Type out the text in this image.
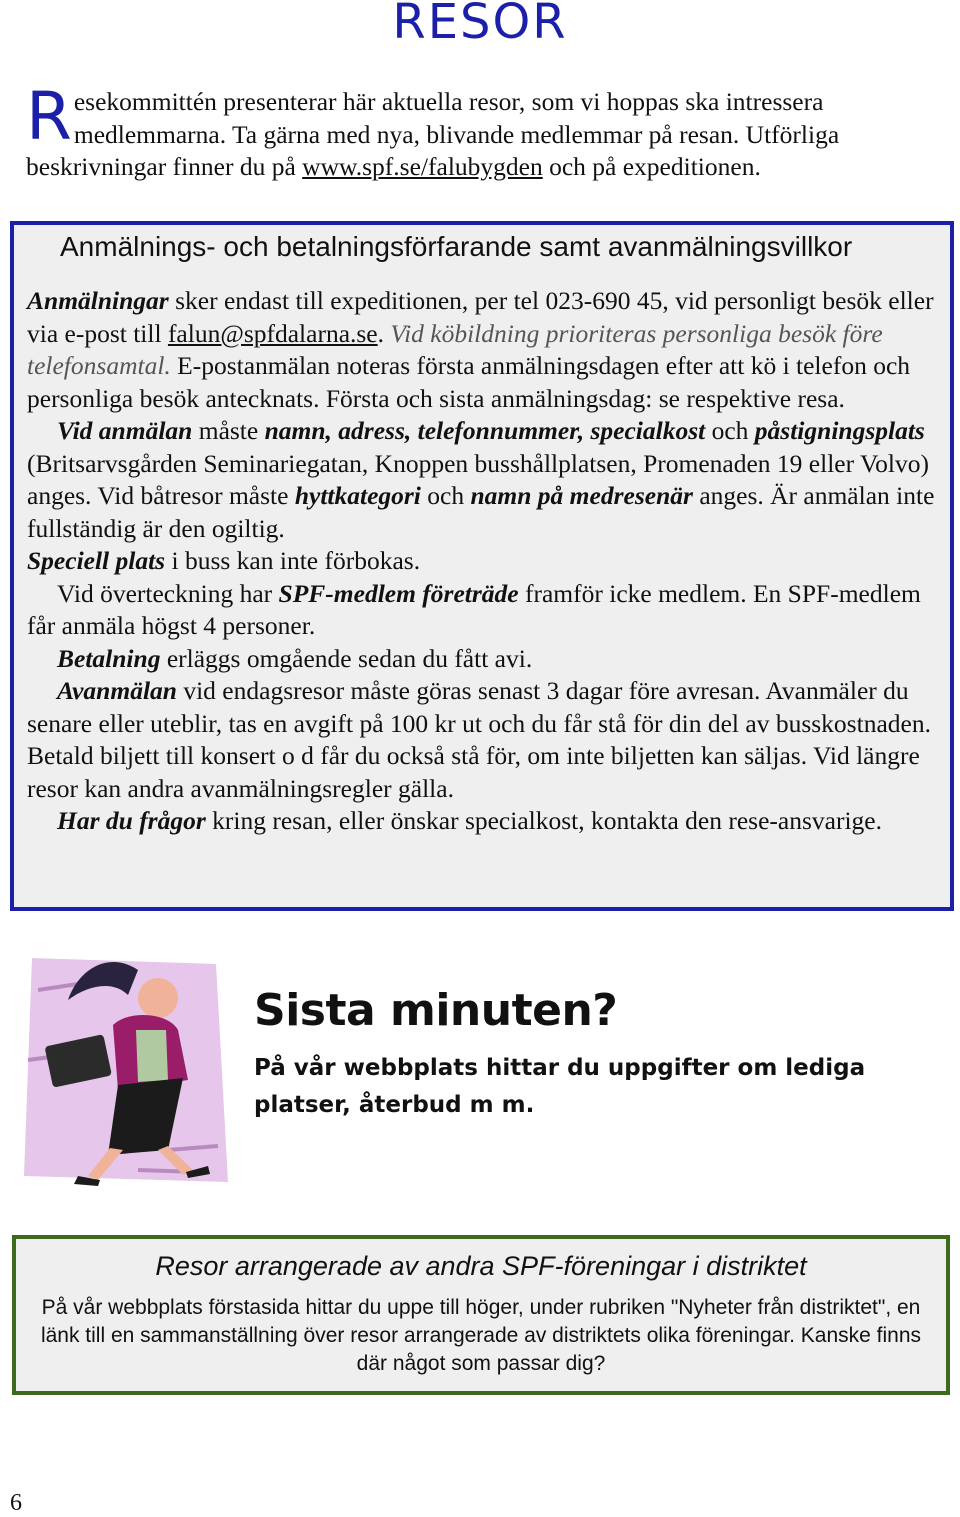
RESOR
Resekommittén presenterar här aktuella resor, som vi hoppas ska intressera medlemmarna. Ta gärna med nya, blivande medlemmar på resan. Utförliga beskrivningar finner du på www.spf.se/falubygden och på expeditionen.
Anmälnings- och betalningsförfarande samt avanmälningsvillkor

Anmälningar sker endast till expeditionen, per tel 023-690 45, vid personligt besök eller via e-post till falun@spfdalarna.se. Vid köbildning prioriteras personliga besök före telefonsamtal. E-postanmälan noteras första anmälningsdagen efter att kö i telefon och personliga besök antecknats. Första och sista anmälningsdag: se respektive resa.

Vid anmälan måste namn, adress, telefonnummer, specialkost och påstigningsplats (Britsarvsgården Seminariegatan, Knoppen busshållplatsen, Promenaden 19 eller Volvo) anges. Vid båtresor måste hyttkategori och namn på medresenär anges. Är anmälan inte fullständig är den ogiltig.

Speciell plats i buss kan inte förbokas.

Vid överteckning har SPF-medlem företräde framför icke medlem. En SPF-medlem får anmäla högst 4 personer.

Betalning erläggs omgående sedan du fått avi.

Avanmälan vid endagsresor måste göras senast 3 dagar före avresan. Avanmäler du senare eller uteblir, tas en avgift på 100 kr ut och du får stå för din del av busskostnaden. Betald biljett till konsert o d får du också stå för, om inte biljetten kan säljas. Vid längre resor kan andra avanmälningsregler gälla.

Har du frågor kring resan, eller önskar specialkost, kontakta den rese-ansvarige.

Sista minuten?
På vår webbplats hittar du uppgifter om lediga platser, återbud m m.
Resor arrangerade av andra SPF-föreningar i distriktet
På vår webbplats förstasida hittar du uppe till höger, under rubriken "Nyheter från distriktet", en länk till en sammanställning över resor arrangerade av distriktets olika föreningar. Kanske finns där något som passar dig?
6
